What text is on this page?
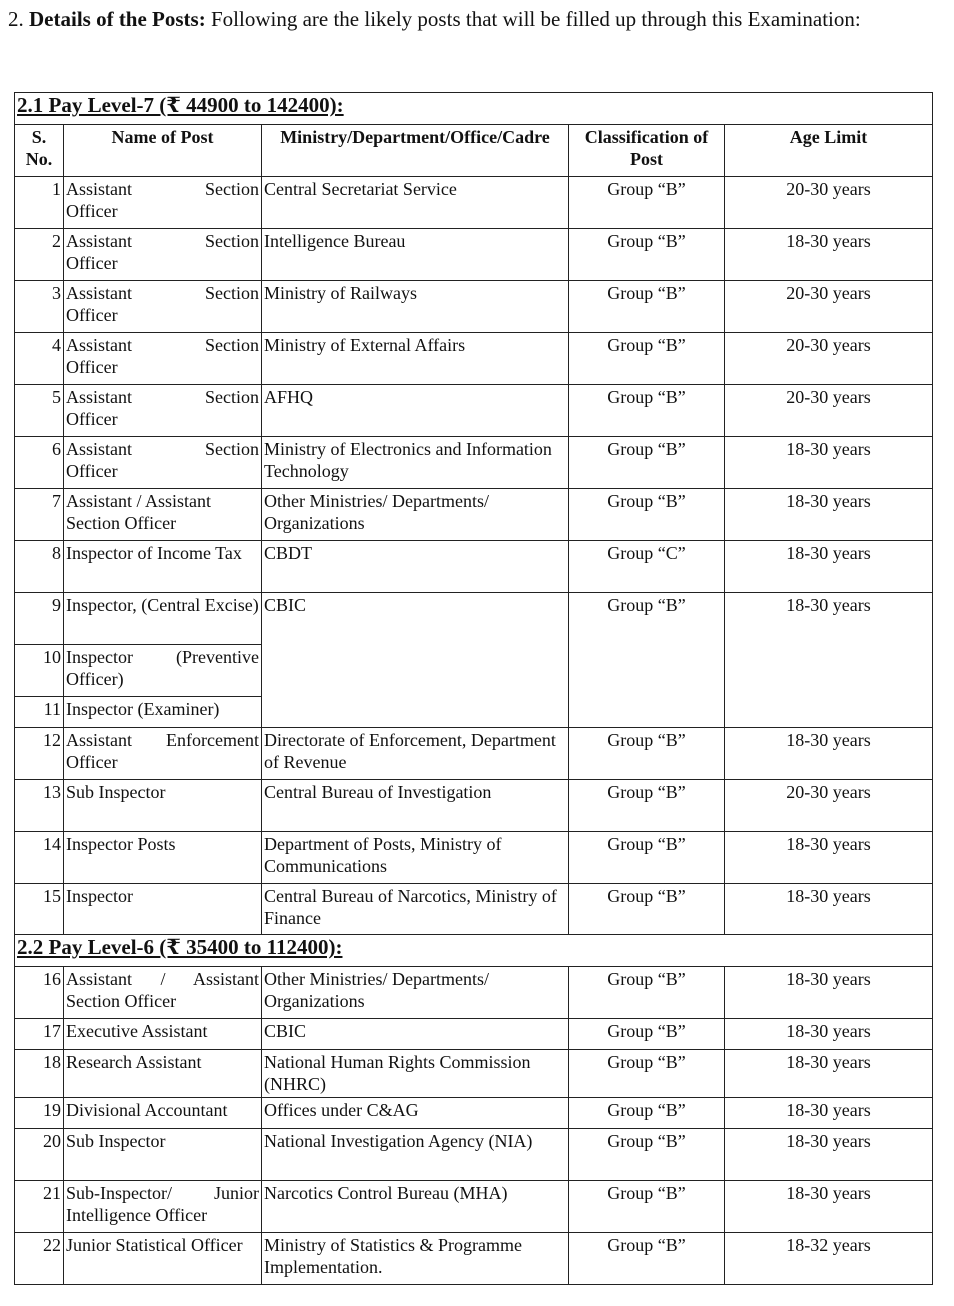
2. Details of the Posts: Following are the likely posts that will be filled up through this Examination:
2.1 Pay Level-7 (₹ 44900 to 142400):				
S. No.	Name of Post	Ministry/Department/Office/Cadre	Classification of Post	Age Limit
1	Assistant Section
Officer	Central Secretariat Service	Group “B”	20-30 years
2	Assistant Section
Officer	Intelligence Bureau	Group “B”	18-30 years
3	Assistant Section
Officer	Ministry of Railways	Group “B”	20-30 years
4	Assistant Section
Officer	Ministry of External Affairs	Group “B”	20-30 years
5	Assistant Section
Officer	AFHQ	Group “B”	20-30 years
6	Assistant Section
Officer	Ministry of Electronics and Information Technology	Group “B”	18-30 years
7	Assistant / Assistant
Section Officer	Other Ministries/ Departments/ Organizations	Group “B”	18-30 years
8	Inspector of Income Tax	CBDT	Group “C”	18-30 years
9	Inspector, (Central Excise)	CBIC	Group “B”	18-30 years
10	Inspector (Preventive Officer)			
11	Inspector (Examiner)			
12	Assistant Enforcement
Officer	Directorate of Enforcement, Department of Revenue	Group “B”	18-30 years
13	Sub Inspector	Central Bureau of Investigation	Group “B”	20-30 years
14	Inspector Posts	Department of Posts, Ministry of Communications	Group “B”	18-30 years
15	Inspector	Central Bureau of Narcotics, Ministry of Finance	Group “B”	18-30 years
2.2 Pay Level-6 (₹ 35400 to 112400):				
16	Assistant / Assistant Section Officer	Other Ministries/ Departments/ Organizations	Group “B”	18-30 years
17	Executive Assistant	CBIC	Group “B”	18-30 years
18	Research Assistant	National Human Rights Commission (NHRC)	Group “B”	18-30 years
19	Divisional Accountant	Offices under C&AG	Group “B”	18-30 years
20	Sub Inspector	National Investigation Agency (NIA)	Group “B”	18-30 years
21	Sub-Inspector/ Junior
Intelligence Officer	Narcotics Control Bureau (MHA)	Group “B”	18-30 years
22	Junior Statistical Officer	Ministry of Statistics & Programme Implementation.	Group “B”	18-32 years
